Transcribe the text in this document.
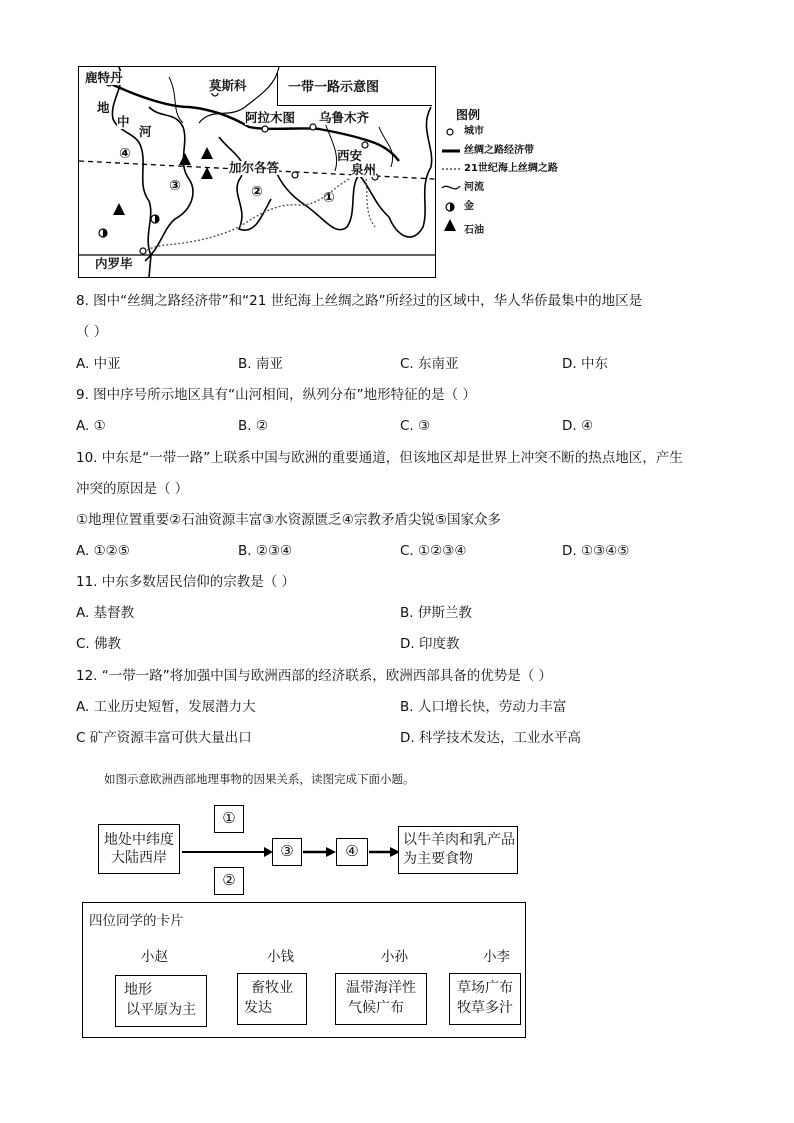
鹿特丹
莫斯科	一带一路示意图
地
中
河
阿拉木图 乌鲁木齐
西安
加尔各答	泉州
内罗毕
④
③	②	①
图例
城市
丝绸之路经济带
21世纪海上丝绸之路
河流
金
石油
8. 图中“丝绸之路经济带”和“21 世纪海上丝绸之路”所经过的区域中，华人华侨最集中的地区是
（ ）
A. 中亚	B. 南亚	C. 东南亚	D. 中东
9. 图中序号所示地区具有“山河相间，纵列分布”地形特征的是（ ）
A. ①	B. ②	C. ③	D. ④
10. 中东是“一带一路”上联系中国与欧洲的重要通道，但该地区却是世界上冲突不断的热点地区，产生
冲突的原因是（ ）
①地理位置重要②石油资源丰富③水资源匮乏④宗教矛盾尖锐⑤国家众多
A. ①②⑤	B. ②③④	C. ①②③④	D. ①③④⑤
11. 中东多数居民信仰的宗教是（ ）
A. 基督教	B. 伊斯兰教
C. 佛教	D. 印度教
12. “一带一路”将加强中国与欧洲西部的经济联系，欧洲西部具备的优势是（ ）
A. 工业历史短暂，发展潜力大	B. 人口增长快，劳动力丰富
C 矿产资源丰富可供大量出口	D. 科学技术发达，工业水平高
如图示意欧洲西部地理事物的因果关系，读图完成下面小题。
地处中纬度
大陆西岸
①
②
③	④
以牛羊肉和乳产品
为主要食物
四位同学的卡片
小赵
地形
以平原为主
小钱
畜牧业
发达
小孙
温带海洋性
气候广布
小李
草场广布
牧草多汁
